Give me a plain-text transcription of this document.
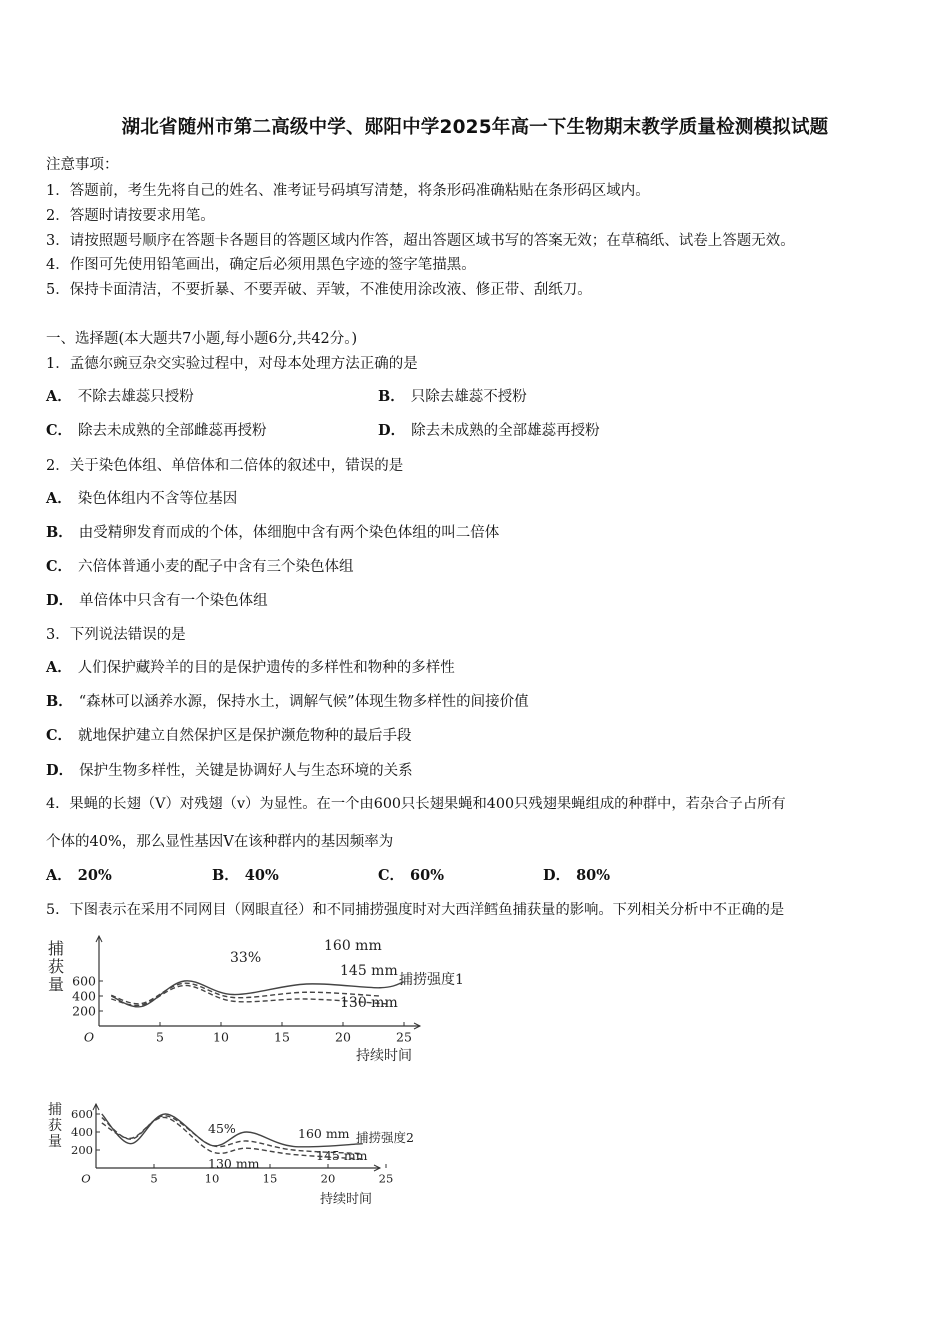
湖北省随州市第二高级中学、郧阳中学2025年高一下生物期末教学质量检测模拟试题
注意事项：
1．答题前，考生先将自己的姓名、准考证号码填写清楚，将条形码准确粘贴在条形码区域内。
2．答题时请按要求用笔。
3．请按照题号顺序在答题卡各题目的答题区域内作答，超出答题区域书写的答案无效；在草稿纸、试卷上答题无效。
4．作图可先使用铅笔画出，确定后必须用黑色字迹的签字笔描黑。
5．保持卡面清洁，不要折暴、不要弄破、弄皱，不准使用涂改液、修正带、刮纸刀。
一、选择题(本大题共7小题,每小题6分,共42分。)
1．孟德尔豌豆杂交实验过程中，对母本处理方法正确的是
A． 不除去雄蕊只授粉	B． 只除去雄蕊不授粉
C． 除去未成熟的全部雌蕊再授粉	D． 除去未成熟的全部雄蕊再授粉
2．关于染色体组、单倍体和二倍体的叙述中，错误的是
A． 染色体组内不含等位基因
B． 由受精卵发育而成的个体，体细胞中含有两个染色体组的叫二倍体
C． 六倍体普通小麦的配子中含有三个染色体组
D． 单倍体中只含有一个染色体组
3．下列说法错误的是
A． 人们保护藏羚羊的目的是保护遗传的多样性和物种的多样性
B． “森林可以涵养水源，保持水土，调解气候”体现生物多样性的间接价值
C． 就地保护建立自然保护区是保护濒危物种的最后手段
D． 保护生物多样性，关键是协调好人与生态环境的关系
4．果蝇的长翅（V）对残翅（v）为显性。在一个由600只长翅果蝇和400只残翅果蝇组成的种群中，若杂合子占所有
个体的40%，那么显性基因V在该种群内的基因频率为
A． 20%	B． 40%	C． 60%	D． 80%
5．下图表示在采用不同网目（网眼直径）和不同捕捞强度时对大西洋鳕鱼捕获量的影响。下列相关分析中不正确的是
捕
获
量 600
400
200
5	10	15	20	25
O
持续时间
160 mm
145 mm
130 mm
33%
捕捞强度1
捕
获
量
600
400
200
5	10	15	20	25
O
持续时间
160 mm
145 mm
130 mm
45%
捕捞强度2
